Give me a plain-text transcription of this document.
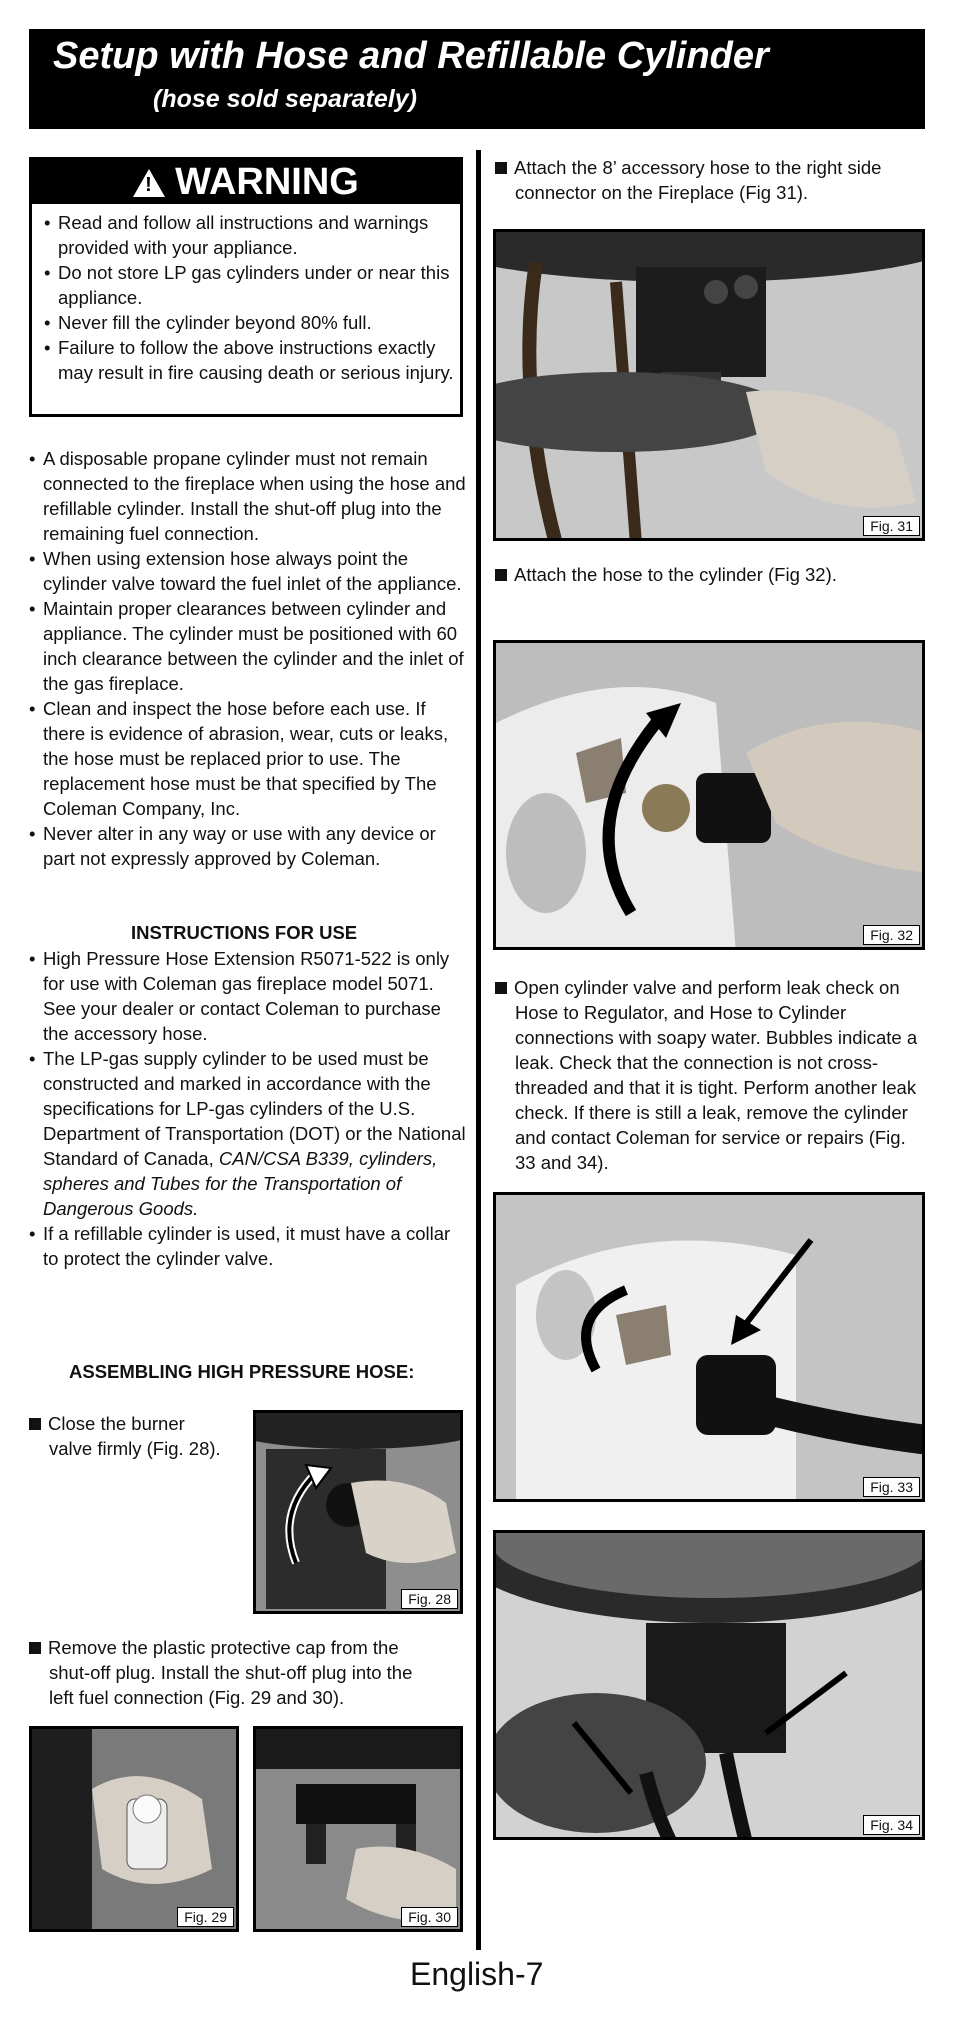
Setup with Hose and Refillable Cylinder
(hose sold separately)
!WARNING
• Read and follow all instructions and warnings provided with your appliance.
• Do not store LP gas cylinders under or near this appliance.
• Never fill the cylinder beyond 80% full.
• Failure to follow the above instructions exactly may result in fire causing death or serious injury.
• A disposable propane cylinder must not remain connected to the fireplace when using the hose and refillable cylinder. Install the shut-off plug into the remaining fuel connection.
• When using extension hose always point the cylinder valve toward the fuel inlet of the appliance.
• Maintain proper clearances between cylinder and appliance. The cylinder must be positioned with 60 inch clearance between the cylinder and the inlet of the gas fireplace.
• Clean and inspect the hose before each use. If there is evidence of abrasion, wear, cuts or leaks, the hose must be replaced prior to use. The replacement hose must be that specified by The Coleman Company, Inc.
• Never alter in any way or use with any device or part not expressly approved by Coleman.
INSTRUCTIONS FOR USE
• High Pressure Hose Extension R5071-522 is only for use with Coleman gas fireplace model 5071. See your dealer or contact Coleman to purchase the accessory hose.
• The LP-gas supply cylinder to be used must be constructed and marked in accordance with the specifications for LP-gas cylinders of the U.S. Department of Transportation (DOT) or the National Standard of Canada, CAN/CSA B339, cylinders, spheres and Tubes for the Transportation of Dangerous Goods.
• If a refillable cylinder is used, it must have a collar to protect the cylinder valve.
ASSEMBLING HIGH PRESSURE HOSE:
Close the burner
valve firmly (Fig. 28).
Fig. 28
Remove the plastic protective cap from the
shut-off plug. Install the shut-off plug into the
left fuel connection (Fig. 29 and 30).
Fig. 29	Fig. 30
Attach the 8’ accessory hose to the right side
connector on the Fireplace (Fig 31).
Fig. 31
Attach the hose to the cylinder (Fig 32).
Fig. 32
Open cylinder valve and perform leak check on
Hose to Regulator, and Hose to Cylinder connections with soapy water. Bubbles indicate a leak. Check that the connection is not cross-threaded and that it is tight. Perform another leak check. If there is still a leak, remove the cylinder and contact Coleman for service or repairs (Fig. 33 and 34).
Fig. 33
Fig. 34
English-7
